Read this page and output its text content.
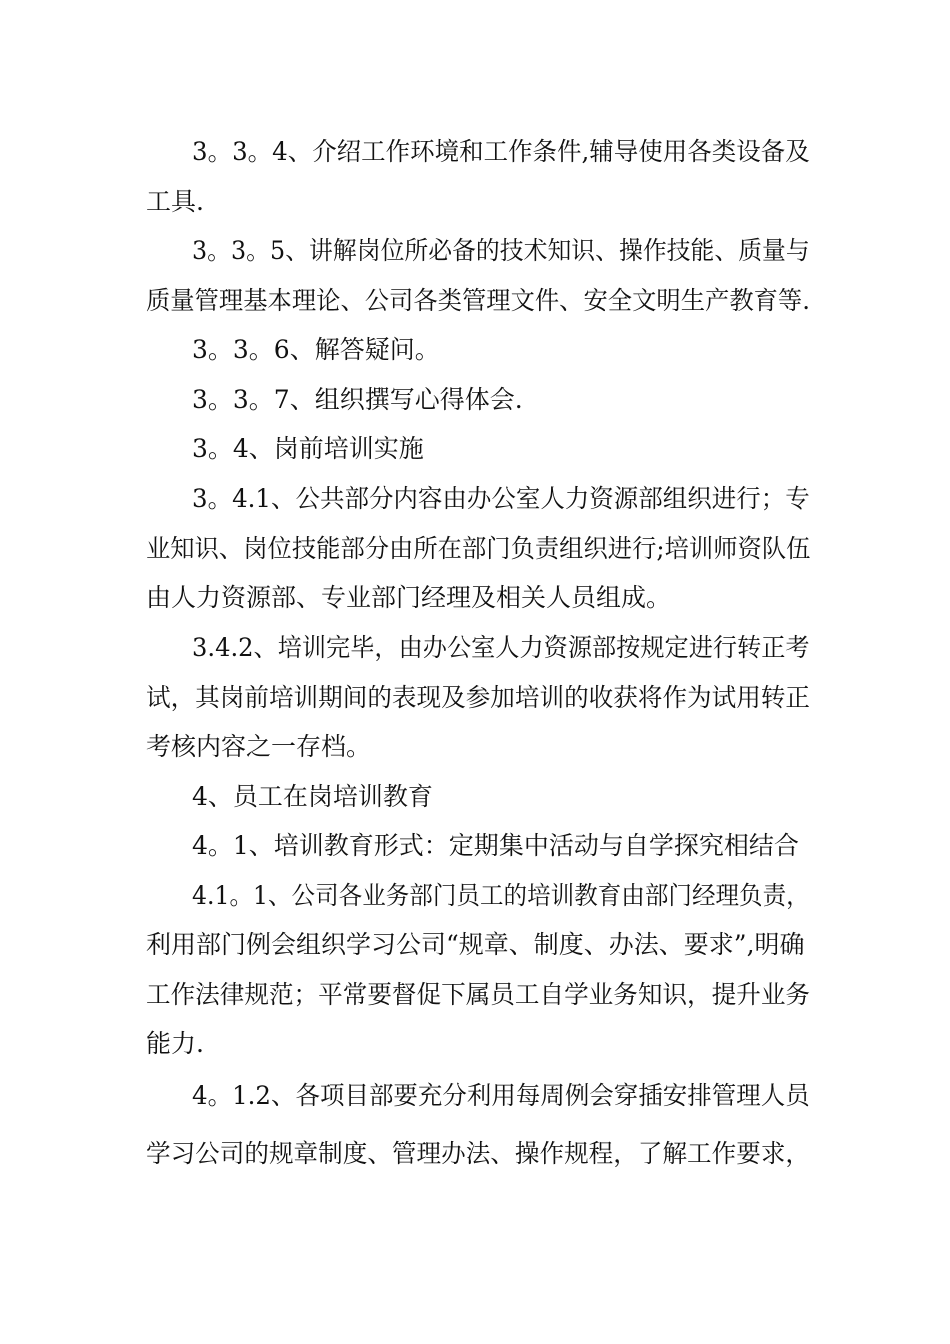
3。3。4、介绍工作环境和工作条件,辅导使用各类设备及
工具.
3。3。5、讲解岗位所必备的技术知识、操作技能、质量与
质量管理基本理论、公司各类管理文件、安全文明生产教育等.
3。3。6、解答疑问。
3。3。7、组织撰写心得体会.
3。4、岗前培训实施
3。4.1、公共部分内容由办公室人力资源部组织进行；专
业知识、岗位技能部分由所在部门负责组织进行;培训师资队伍
由人力资源部、专业部门经理及相关人员组成。
3.4.2、培训完毕，由办公室人力资源部按规定进行转正考
试，其岗前培训期间的表现及参加培训的收获将作为试用转正
考核内容之一存档。
4、员工在岗培训教育
4。1、培训教育形式：定期集中活动与自学探究相结合
4.1。1、公司各业务部门员工的培训教育由部门经理负责，
利用部门例会组织学习公司“规章、制度、办法、要求”,明确
工作法律规范；平常要督促下属员工自学业务知识，提升业务
能力.
4。1.2、各项目部要充分利用每周例会穿插安排管理人员
学习公司的规章制度、管理办法、操作规程，了解工作要求，
